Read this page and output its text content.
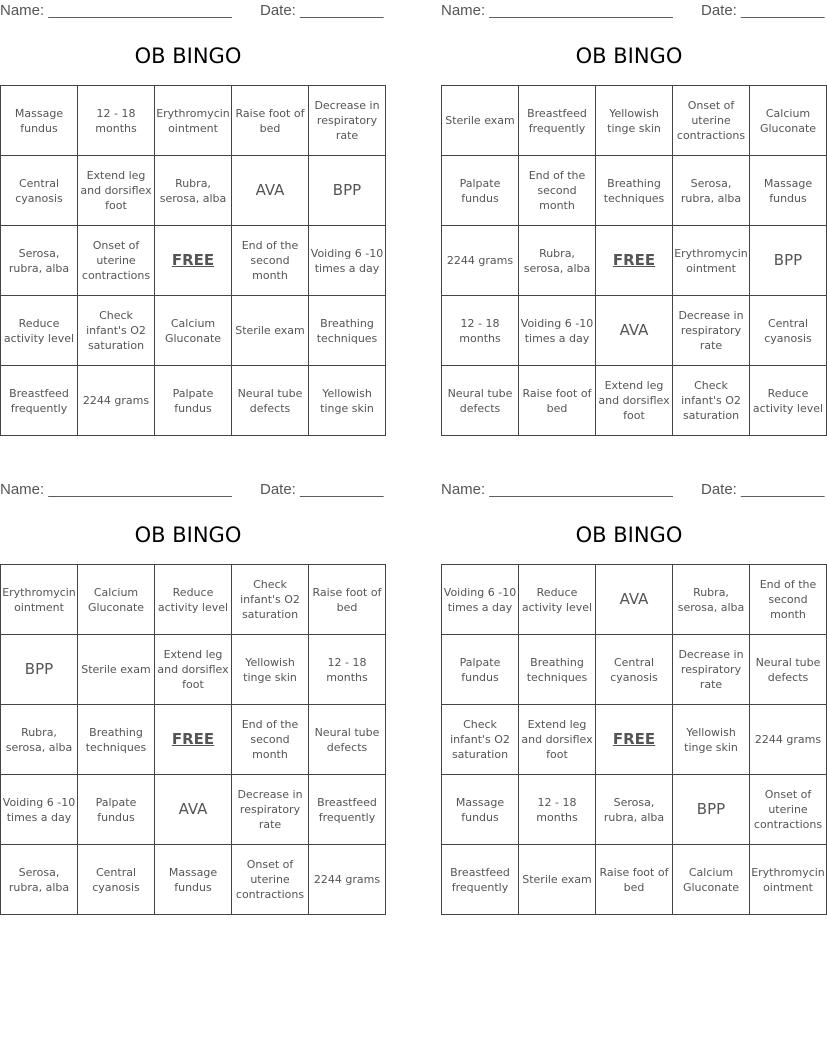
Name: ______________________ Date: __________
OB BINGO
Massage fundus	12 - 18 months	Erythromycin ointment	Raise foot of bed	Decrease in respiratory rate
Central cyanosis	Extend leg and dorsiflex foot	Rubra, serosa, alba	AVA	BPP
Serosa, rubra, alba	Onset of uterine contractions	FREE	End of the second month	Voiding 6 -10 times a day
Reduce activity level	Check infant's O2 saturation	Calcium Gluconate	Sterile exam	Breathing techniques
Breastfeed frequently	2244 grams	Palpate fundus	Neural tube defects	Yellowish tinge skin
Name: ______________________ Date: __________
OB BINGO
Sterile exam	Breastfeed frequently	Yellowish tinge skin	Onset of uterine contractions	Calcium Gluconate
Palpate fundus	End of the second month	Breathing techniques	Serosa, rubra, alba	Massage fundus
2244 grams	Rubra, serosa, alba	FREE	Erythromycin ointment	BPP
12 - 18 months	Voiding 6 -10 times a day	AVA	Decrease in respiratory rate	Central cyanosis
Neural tube defects	Raise foot of bed	Extend leg and dorsiflex foot	Check infant's O2 saturation	Reduce activity level
Name: ______________________ Date: __________
OB BINGO
Erythromycin ointment	Calcium Gluconate	Reduce activity level	Check infant's O2 saturation	Raise foot of bed
BPP	Sterile exam	Extend leg and dorsiflex foot	Yellowish tinge skin	12 - 18 months
Rubra, serosa, alba	Breathing techniques	FREE	End of the second month	Neural tube defects
Voiding 6 -10 times a day	Palpate fundus	AVA	Decrease in respiratory rate	Breastfeed frequently
Serosa, rubra, alba	Central cyanosis	Massage fundus	Onset of uterine contractions	2244 grams
Name: ______________________ Date: __________
OB BINGO
Voiding 6 -10 times a day	Reduce activity level	AVA	Rubra, serosa, alba	End of the second month
Palpate fundus	Breathing techniques	Central cyanosis	Decrease in respiratory rate	Neural tube defects
Check infant's O2 saturation	Extend leg and dorsiflex foot	FREE	Yellowish tinge skin	2244 grams
Massage fundus	12 - 18 months	Serosa, rubra, alba	BPP	Onset of uterine contractions
Breastfeed frequently	Sterile exam	Raise foot of bed	Calcium Gluconate	Erythromycin ointment
